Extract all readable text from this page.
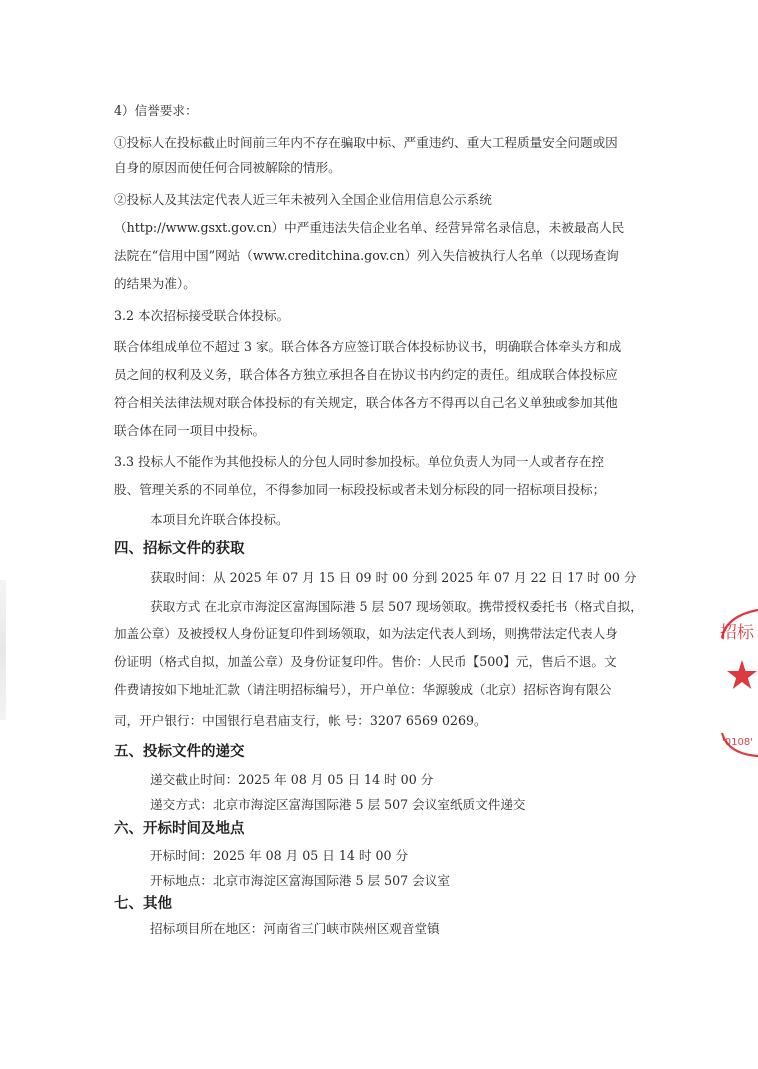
4）信誉要求：
①投标人在投标截止时间前三年内不存在骗取中标、严重违约、重大工程质量安全问题或因
自身的原因而使任何合同被解除的情形。
②投标人及其法定代表人近三年未被列入全国企业信用信息公示系统
（http://www.gsxt.gov.cn）中严重违法失信企业名单、经营异常名录信息，未被最高人民
法院在“信用中国”网站（www.creditchina.gov.cn）列入失信被执行人名单（以现场查询
的结果为准）。
3.2 本次招标接受联合体投标。
联合体组成单位不超过 3 家。联合体各方应签订联合体投标协议书，明确联合体牵头方和成
员之间的权利及义务，联合体各方独立承担各自在协议书内约定的责任。组成联合体投标应
符合相关法律法规对联合体投标的有关规定，联合体各方不得再以自己名义单独或参加其他
联合体在同一项目中投标。
3.3 投标人不能作为其他投标人的分包人同时参加投标。单位负责人为同一人或者存在控
股、管理关系的不同单位，不得参加同一标段投标或者未划分标段的同一招标项目投标；
本项目允许联合体投标。
四、招标文件的获取
获取时间：从 2025 年 07 月 15 日 09 时 00 分到 2025 年 07 月 22 日 17 时 00 分
获取方式 在北京市海淀区富海国际港 5 层 507 现场领取。携带授权委托书（格式自拟，
加盖公章）及被授权人身份证复印件到场领取，如为法定代表人到场，则携带法定代表人身
份证明（格式自拟，加盖公章）及身份证复印件。售价：人民币【500】元，售后不退。文
件费请按如下地址汇款（请注明招标编号），开户单位：华源骏成（北京）招标咨询有限公
司，开户银行：中国银行皂君庙支行，帐 号：3207 6569 0269。
五、投标文件的递交
递交截止时间：2025 年 08 月 05 日 14 时 00 分
递交方式：北京市海淀区富海国际港 5 层 507 会议室纸质文件递交
六、开标时间及地点
开标时间：2025 年 08 月 05 日 14 时 00 分
开标地点：北京市海淀区富海国际港 5 层 507 会议室
七、其他
招标项目所在地区：河南省三门峡市陕州区观音堂镇
招标
'0108'
